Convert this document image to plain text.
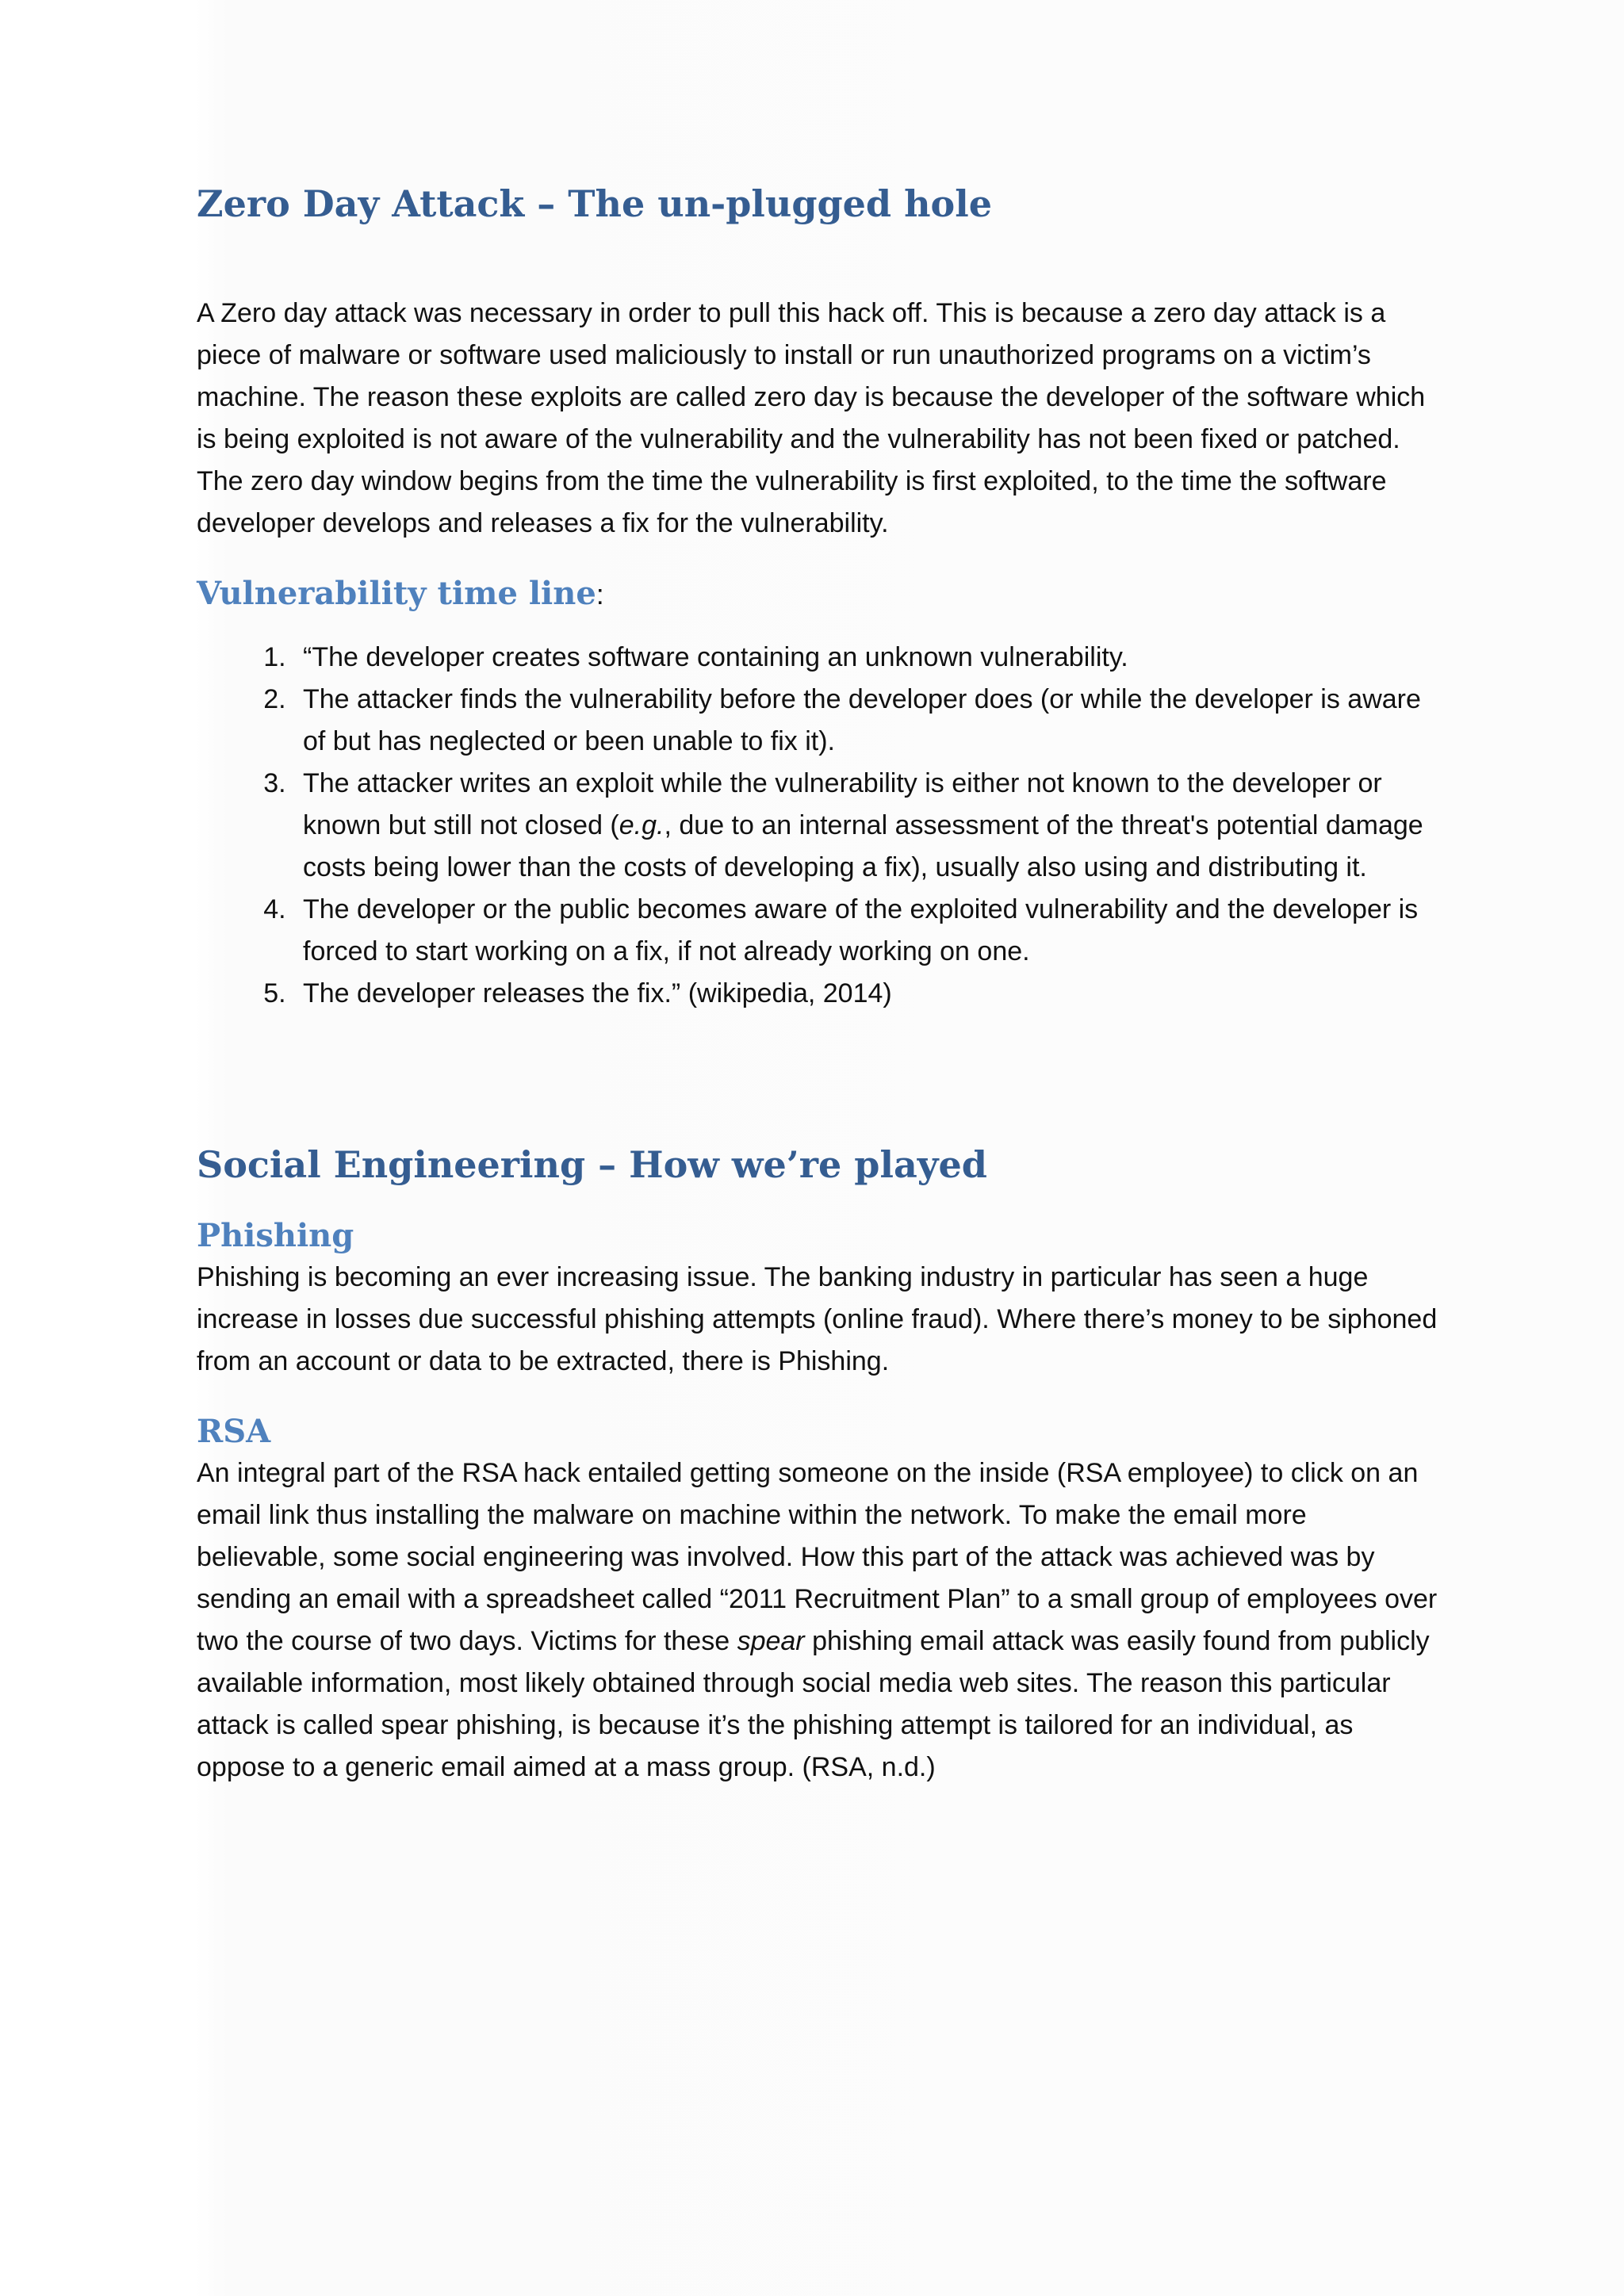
Zero Day Attack – The un-plugged hole

A Zero day attack was necessary in order to pull this hack off. This is because a zero day attack is a piece of malware or software used maliciously to install or run unauthorized programs on a victim’s machine. The reason these exploits are called zero day is because the developer of the software which is being exploited is not aware of the vulnerability and the vulnerability has not been fixed or patched. The zero day window begins from the time the vulnerability is first exploited, to the time the software developer develops and releases a fix for the vulnerability.

Vulnerability time line:
1. “The developer creates software containing an unknown vulnerability.
2. The attacker finds the vulnerability before the developer does (or while the developer is aware of but has neglected or been unable to fix it).
3. The attacker writes an exploit while the vulnerability is either not known to the developer or known but still not closed (e.g., due to an internal assessment of the threat's potential damage costs being lower than the costs of developing a fix), usually also using and distributing it.
4. The developer or the public becomes aware of the exploited vulnerability and the developer is forced to start working on a fix, if not already working on one.
5. The developer releases the fix.” (wikipedia, 2014)
Social Engineering – How we’re played
Phishing

Phishing is becoming an ever increasing issue. The banking industry in particular has seen a huge increase in losses due successful phishing attempts (online fraud). Where there’s money to be siphoned from an account or data to be extracted, there is Phishing.

RSA

An integral part of the RSA hack entailed getting someone on the inside (RSA employee) to click on an email link thus installing the malware on machine within the network. To make the email more believable, some social engineering was involved. How this part of the attack was achieved was by sending an email with a spreadsheet called “2011 Recruitment Plan” to a small group of employees over two the course of two days. Victims for these spear phishing email attack was easily found from publicly available information, most likely obtained through social media web sites. The reason this particular attack is called spear phishing, is because it’s the phishing attempt is tailored for an individual, as oppose to a generic email aimed at a mass group. (RSA, n.d.)
